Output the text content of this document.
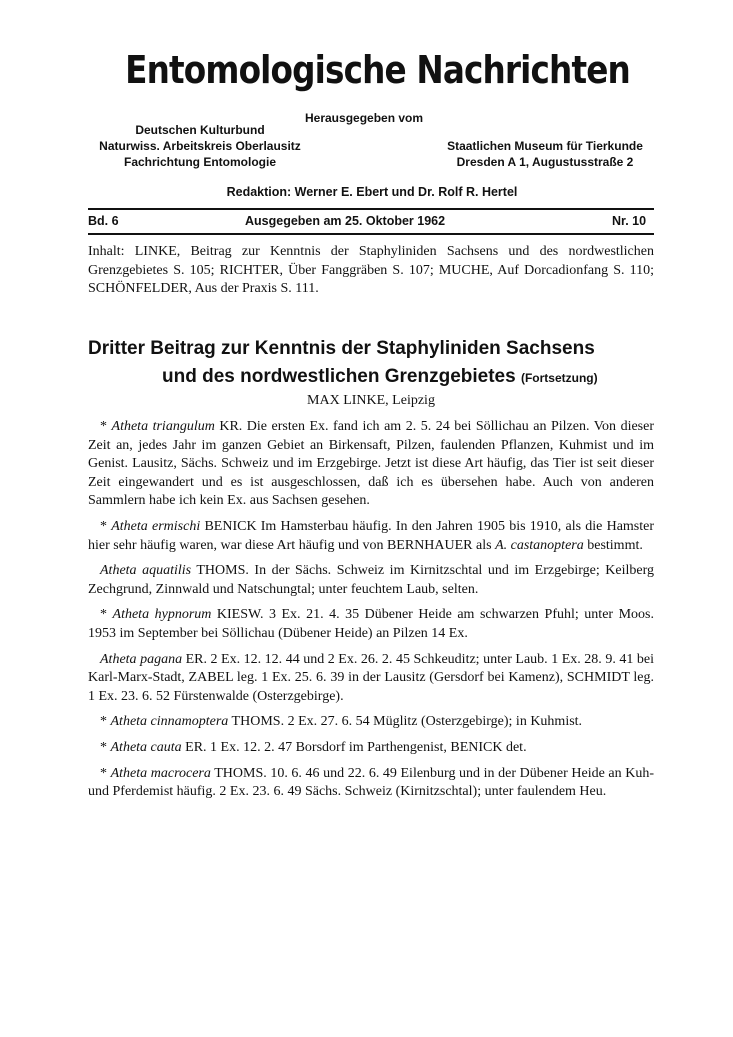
Entomologische Nachrichten
Herausgegeben vom
Deutschen Kulturbund
Naturwiss. Arbeitskreis Oberlausitz
Fachrichtung Entomologie
Staatlichen Museum für Tierkunde
Dresden A 1, Augustusstraße 2
Redaktion: Werner E. Ebert und Dr. Rolf R. Hertel
Bd. 6	Ausgegeben am 25. Oktober 1962	Nr. 10
Inhalt: LINKE, Beitrag zur Kenntnis der Staphyliniden Sachsens und des nordwestlichen Grenzgebietes S. 105; RICHTER, Über Fanggräben S. 107; MUCHE, Auf Dorcadionfang S. 110; SCHÖNFELDER, Aus der Praxis S. 111.
Dritter Beitrag zur Kenntnis der Staphyliniden Sachsens
und des nordwestlichen Grenzgebietes (Fortsetzung)
MAX LINKE, Leipzig

* Atheta triangulum KR. Die ersten Ex. fand ich am 2. 5. 24 bei Söllichau an Pilzen. Von dieser Zeit an, jedes Jahr im ganzen Gebiet an Birkensaft, Pilzen, faulenden Pflanzen, Kuhmist und im Genist. Lausitz, Sächs. Schweiz und im Erzgebirge. Jetzt ist diese Art häufig, das Tier ist seit dieser Zeit eingewandert und es ist ausgeschlossen, daß ich es übersehen habe. Auch von anderen Sammlern habe ich kein Ex. aus Sachsen gesehen.

* Atheta ermischi BENICK Im Hamsterbau häufig. In den Jahren 1905 bis 1910, als die Hamster hier sehr häufig waren, war diese Art häufig und von BERNHAUER als A. castanoptera bestimmt.

Atheta aquatilis THOMS. In der Sächs. Schweiz im Kirnitzschtal und im Erzgebirge; Keilberg Zechgrund, Zinnwald und Natschungtal; unter feuchtem Laub, selten.

* Atheta hypnorum KIESW. 3 Ex. 21. 4. 35 Dübener Heide am schwarzen Pfuhl; unter Moos. 1953 im September bei Söllichau (Dübener Heide) an Pilzen 14 Ex.

Atheta pagana ER. 2 Ex. 12. 12. 44 und 2 Ex. 26. 2. 45 Schkeuditz; unter Laub. 1 Ex. 28. 9. 41 bei Karl-Marx-Stadt, ZABEL leg. 1 Ex. 25. 6. 39 in der Lausitz (Gersdorf bei Kamenz), SCHMIDT leg. 1 Ex. 23. 6. 52 Fürstenwalde (Osterzgebirge).

* Atheta cinnamoptera THOMS. 2 Ex. 27. 6. 54 Müglitz (Osterzgebirge); in Kuhmist.

* Atheta cauta ER. 1 Ex. 12. 2. 47 Borsdorf im Parthengenist, BENICK det.

* Atheta macrocera THOMS. 10. 6. 46 und 22. 6. 49 Eilenburg und in der Dübener Heide an Kuh- und Pferdemist häufig. 2 Ex. 23. 6. 49 Sächs. Schweiz (Kirnitzschtal); unter faulendem Heu.
